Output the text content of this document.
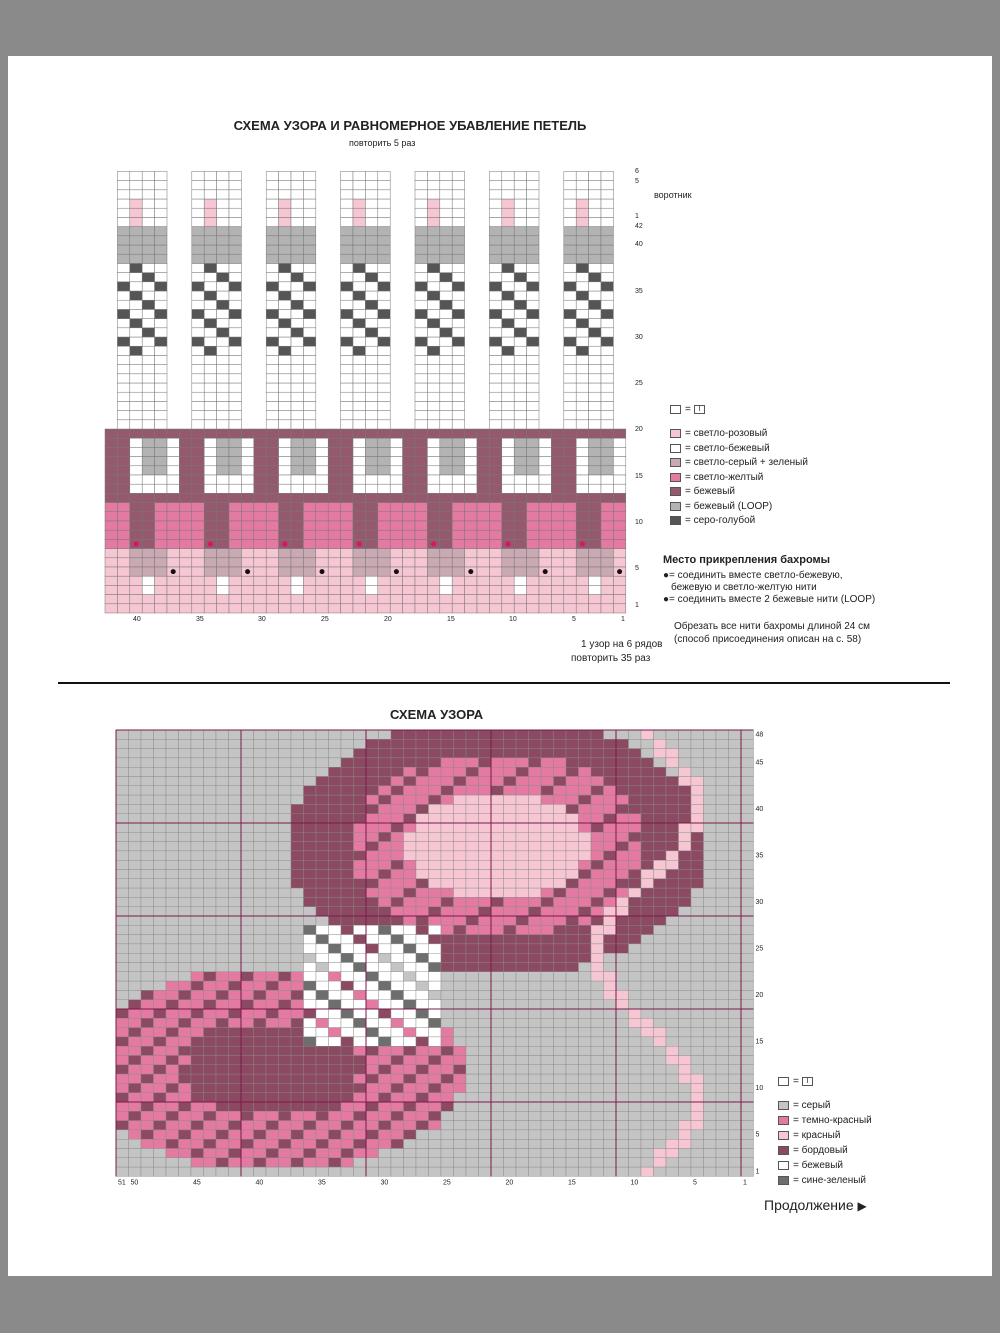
СХЕМА УЗОРА И РАВНОМЕРНОЕ УБАВЛЕНИЕ ПЕТЕЛЬ
повторить 5 раз
воротник
6
5
1
42
40
35
30
25
20
15
10
5
1
40	35	30	25	20	15	10	5	1
1 узор на 6 рядов
повторить 35 раз
=	I
= светло-розовый
= светло-бежевый
= светло-серый + зеленый
= светло-желтый
= бежевый
= бежевый (LOOP)
= серо-голубой
Место прикрепления бахромы
●= соединить вместе светло-бежевую,
бежевую и светло-желтую нити
●= соединить вместе 2 бежевые нити (LOOP)
Обрезать все нити бахромы длиной 24 см
(способ присоединения описан на с. 58)
СХЕМА УЗОРА
48
45
40
35
30
25
20
15
10
5
1
51 50	45	40	35	30	25	20	15	10	5	1
=	I
= серый
= темно-красный
= красный
= бордовый
= бежевый
= сине-зеленый
Продолжение ▶
